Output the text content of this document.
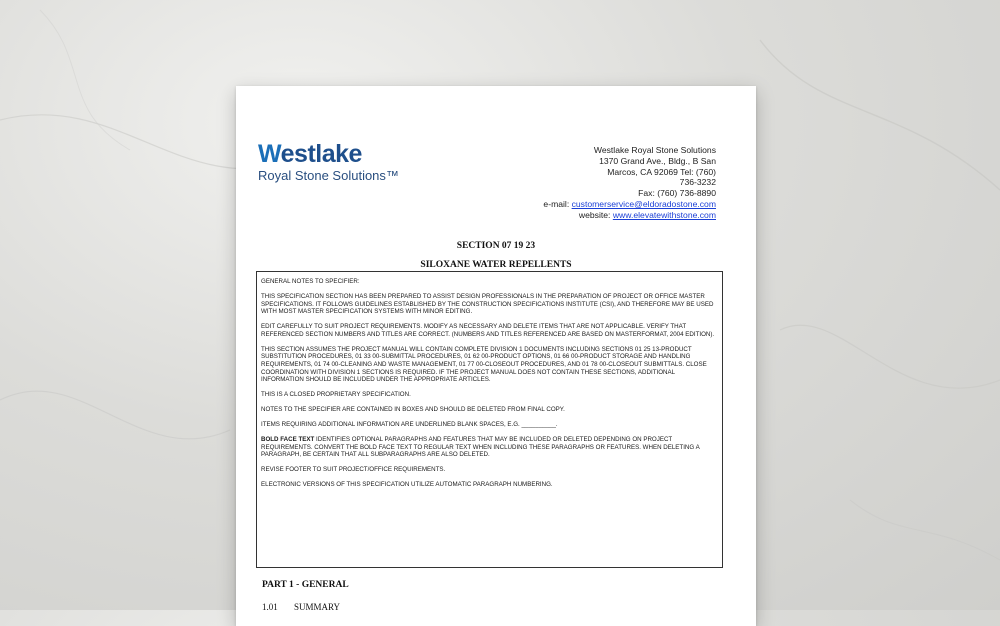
Westlake
Royal Stone Solutions™
Westlake Royal Stone Solutions
1370 Grand Ave., Bldg., B San
Marcos, CA 92069 Tel: (760)
736-3232
Fax: (760) 736-8890
e-mail: customerservice@eldoradostone.com
website: www.elevatewithstone.com
SECTION 07 19 23
SILOXANE WATER REPELLENTS

GENERAL NOTES TO SPECIFIER:

THIS SPECIFICATION SECTION HAS BEEN PREPARED TO ASSIST DESIGN PROFESSIONALS IN THE PREPARATION OF PROJECT OR OFFICE MASTER SPECIFICATIONS. IT FOLLOWS GUIDELINES ESTABLISHED BY THE CONSTRUCTION SPECIFICATIONS INSTITUTE (CSI), AND THEREFORE MAY BE USED WITH MOST MASTER SPECIFICATION SYSTEMS WITH MINOR EDITING.

EDIT CAREFULLY TO SUIT PROJECT REQUIREMENTS. MODIFY AS NECESSARY AND DELETE ITEMS THAT ARE NOT APPLICABLE. VERIFY THAT REFERENCED SECTION NUMBERS AND TITLES ARE CORRECT. (NUMBERS AND TITLES REFERENCED ARE BASED ON MASTERFORMAT, 2004 EDITION).

THIS SECTION ASSUMES THE PROJECT MANUAL WILL CONTAIN COMPLETE DIVISION 1 DOCUMENTS INCLUDING SECTIONS 01 25 13-PRODUCT SUBSTITUTION PROCEDURES, 01 33 00-SUBMITTAL PROCEDURES, 01 62 00-PRODUCT OPTIONS, 01 66 00-PRODUCT STORAGE AND HANDLING REQUIREMENTS, 01 74 00-CLEANING AND WASTE MANAGEMENT, 01 77 00-CLOSEOUT PROCEDURES, AND 01 78 00-CLOSEOUT SUBMITTALS. CLOSE COORDINATION WITH DIVISION 1 SECTIONS IS REQUIRED. IF THE PROJECT MANUAL DOES NOT CONTAIN THESE SECTIONS, ADDITIONAL INFORMATION SHOULD BE INCLUDED UNDER THE APPROPRIATE ARTICLES.

THIS IS A CLOSED PROPRIETARY SPECIFICATION.

NOTES TO THE SPECIFIER ARE CONTAINED IN BOXES AND SHOULD BE DELETED FROM FINAL COPY.

ITEMS REQUIRING ADDITIONAL INFORMATION ARE UNDERLINED BLANK SPACES, E.G. __________.

BOLD FACE TEXT IDENTIFIES OPTIONAL PARAGRAPHS AND FEATURES THAT MAY BE INCLUDED OR DELETED DEPENDING ON PROJECT REQUIREMENTS. CONVERT THE BOLD FACE TEXT TO REGULAR TEXT WHEN INCLUDING THESE PARAGRAPHS OR FEATURES. WHEN DELETING A PARAGRAPH, BE CERTAIN THAT ALL SUBPARAGRAPHS ARE ALSO DELETED.

REVISE FOOTER TO SUIT PROJECT/OFFICE REQUIREMENTS.

ELECTRONIC VERSIONS OF THIS SPECIFICATION UTILIZE AUTOMATIC PARAGRAPH NUMBERING.

PART 1 - GENERAL
1.01 SUMMARY
